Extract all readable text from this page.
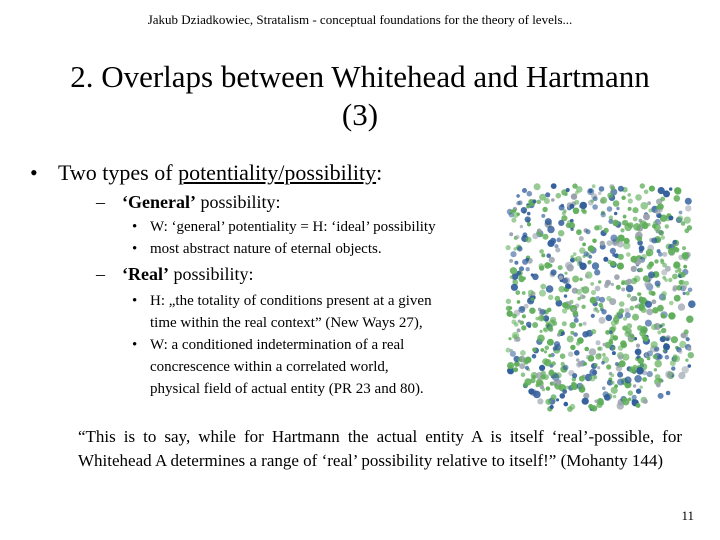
Jakub Dziadkowiec, Stratalism - conceptual foundations for the theory of levels...
2. Overlaps between Whitehead and Hartmann
(3)
• Two types of potentiality/possibility:
– ‘General’ possibility:
• W: ‘general’ potentiality = H: ‘ideal’ possibility
• most abstract nature of eternal objects.
– ‘Real’ possibility:
• H: „the totality of conditions present at a given
time within the real context” (New Ways 27),
• W: a conditioned indetermination of a real
concrescence within a correlated world,
physical field of actual entity (PR 23 and 80).
“This is to say, while for Hartmann the actual entity A is itself ‘real’-possible, for Whitehead A determines a range of ‘real’ possibility relative to itself!” (Mohanty 144)
11
